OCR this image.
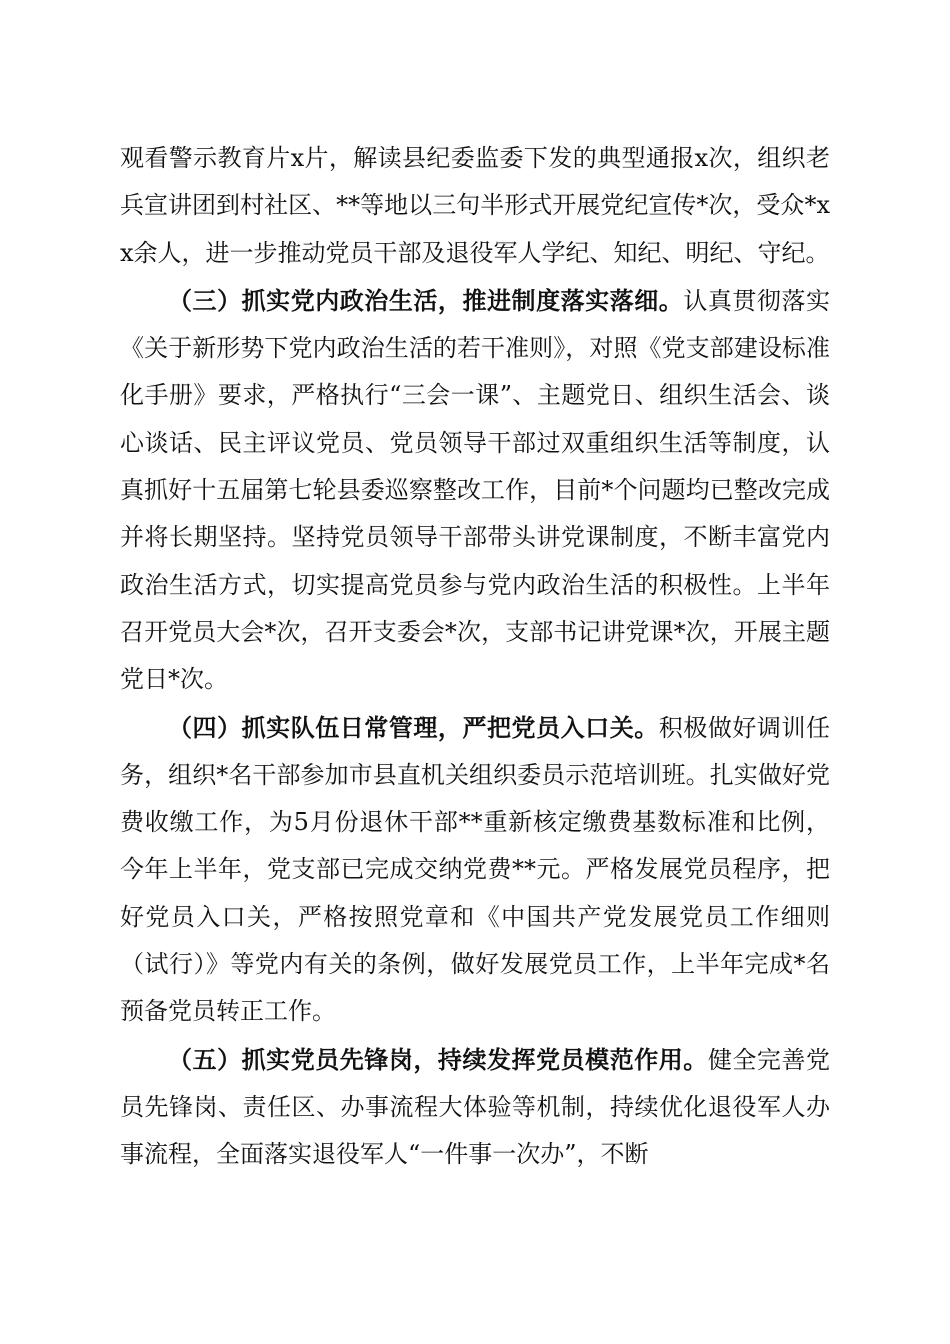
观看警示教育片x片，解读县纪委监委下发的典型通报x次，组织老兵宣讲团到村社区、**等地以三句半形式开展党纪宣传*次，受众*xx余人，进一步推动党员干部及退役军人学纪、知纪、明纪、守纪。

（三）抓实党内政治生活，推进制度落实落细。认真贯彻落实《关于新形势下党内政治生活的若干准则》，对照《党支部建设标准化手册》要求，严格执行“三会一课”、主题党日、组织生活会、谈心谈话、民主评议党员、党员领导干部过双重组织生活等制度，认真抓好十五届第七轮县委巡察整改工作，目前*个问题均已整改完成并将长期坚持。坚持党员领导干部带头讲党课制度，不断丰富党内政治生活方式，切实提高党员参与党内政治生活的积极性。上半年召开党员大会*次，召开支委会*次，支部书记讲党课*次，开展主题党日*次。

（四）抓实队伍日常管理，严把党员入口关。积极做好调训任务，组织*名干部参加市县直机关组织委员示范培训班。扎实做好党费收缴工作，为5月份退休干部**重新核定缴费基数标准和比例，今年上半年，党支部已完成交纳党费**元。严格发展党员程序，把好党员入口关，严格按照党章和《中国共产党发展党员工作细则（试行）》等党内有关的条例，做好发展党员工作，上半年完成*名预备党员转正工作。

（五）抓实党员先锋岗，持续发挥党员模范作用。健全完善党员先锋岗、责任区、办事流程大体验等机制，持续优化退役军人办事流程，全面落实退役军人“一件事一次办”，不断
